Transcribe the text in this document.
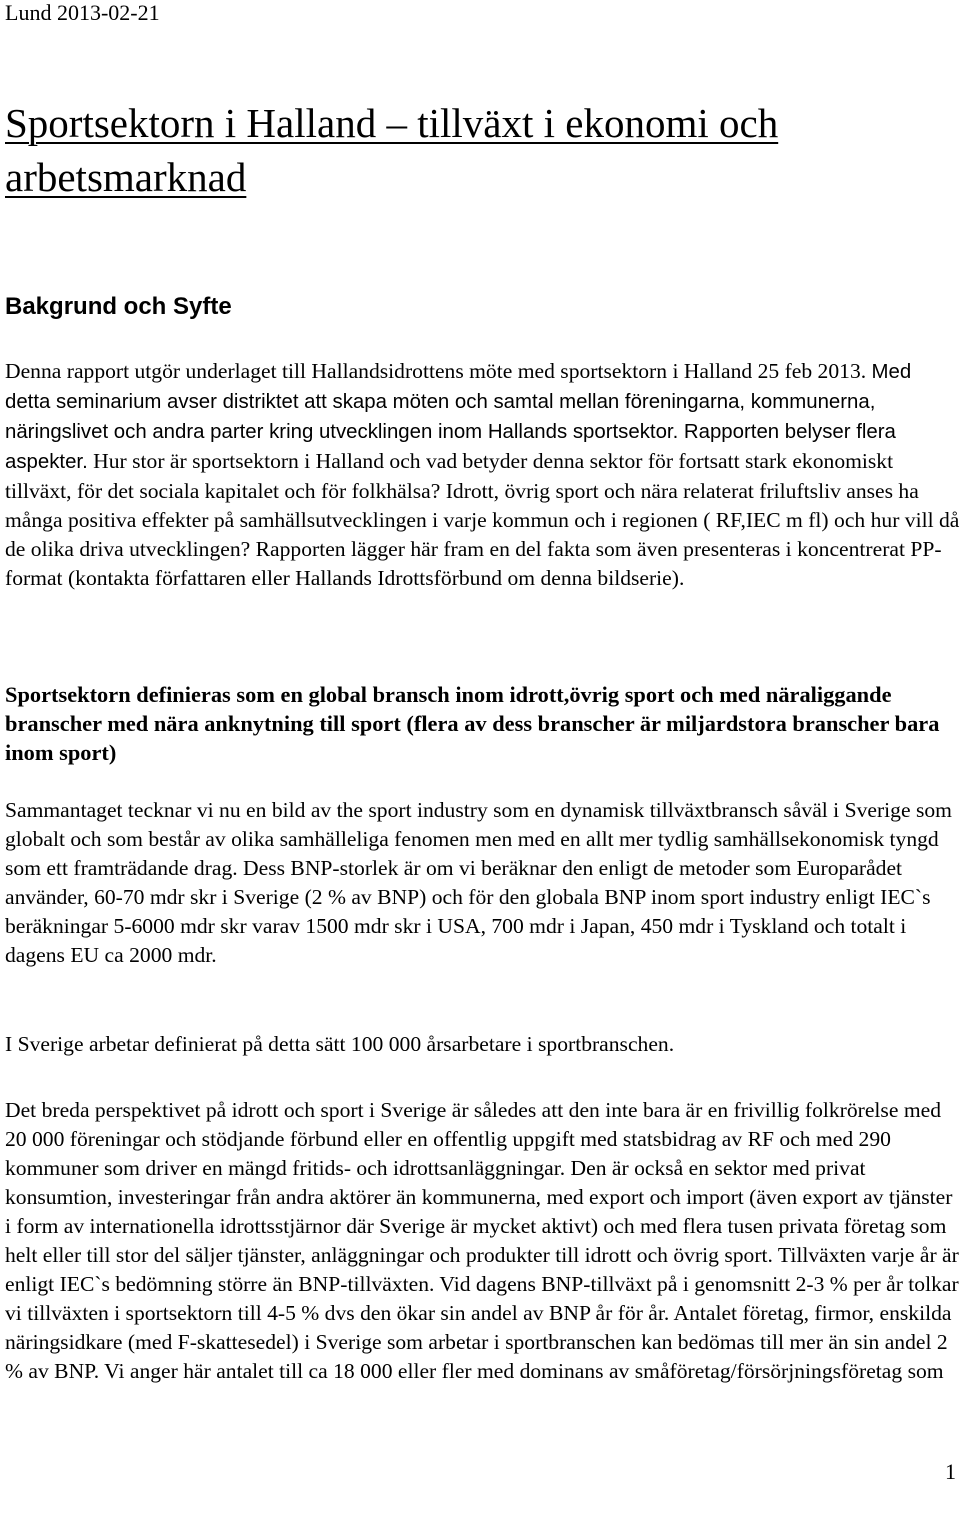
Lund 2013-02-21
Sportsektorn i Halland – tillväxt i ekonomi och arbetsmarknad
Bakgrund och Syfte

Denna rapport utgör underlaget till Hallandsidrottens möte med sportsektorn i Halland 25 feb 2013. Med detta seminarium avser distriktet att skapa möten och samtal mellan föreningarna, kommunerna, näringslivet och andra parter kring utvecklingen inom Hallands sportsektor. Rapporten belyser flera aspekter. Hur stor är sportsektorn i Halland och vad betyder denna sektor för fortsatt stark ekonomiskt tillväxt, för det sociala kapitalet och för folkhälsa? Idrott, övrig sport och nära relaterat friluftsliv anses ha många positiva effekter på samhällsutvecklingen i varje kommun och i regionen ( RF,IEC m fl) och hur vill då de olika driva utvecklingen? Rapporten lägger här fram en del fakta som även presenteras i koncentrerat PP-format (kontakta författaren eller Hallands Idrottsförbund om denna bildserie).

Sportsektorn definieras som en global bransch inom idrott,övrig sport och med näraliggande branscher med nära anknytning till sport (flera av dess branscher är miljardstora branscher bara inom sport)

Sammantaget tecknar vi nu en bild av the sport industry som en dynamisk tillväxtbransch såväl i Sverige som globalt och som består av olika samhälleliga fenomen men med en allt mer tydlig samhällsekonomisk tyngd som ett framträdande drag. Dess BNP-storlek är om vi beräknar den enligt de metoder som Europarådet använder, 60-70 mdr skr i Sverige (2 % av BNP) och för den globala BNP inom sport industry enligt IEC`s beräkningar 5-6000 mdr skr varav 1500 mdr skr i USA, 700 mdr i Japan, 450 mdr i Tyskland och totalt i dagens EU ca 2000 mdr.

I Sverige arbetar definierat på detta sätt 100 000 årsarbetare i sportbranschen.

Det breda perspektivet på idrott och sport i Sverige är således att den inte bara är en frivillig folkrörelse med 20 000 föreningar och stödjande förbund eller en offentlig uppgift med statsbidrag av RF och med 290 kommuner som driver en mängd fritids- och idrottsanläggningar. Den är också en sektor med privat konsumtion, investeringar från andra aktörer än kommunerna, med export och import (även export av tjänster i form av internationella idrottsstjärnor där Sverige är mycket aktivt) och med flera tusen privata företag som helt eller till stor del säljer tjänster, anläggningar och produkter till idrott och övrig sport. Tillväxten varje år är enligt IEC`s bedömning större än BNP-tillväxten. Vid dagens BNP-tillväxt på i genomsnitt 2-3 % per år tolkar vi tillväxten i sportsektorn till 4-5 % dvs den ökar sin andel av BNP år för år. Antalet företag, firmor, enskilda näringsidkare (med F-skattesedel) i Sverige som arbetar i sportbranschen kan bedömas till mer än sin andel 2 % av BNP. Vi anger här antalet till ca 18 000 eller fler med dominans av småföretag/försörjningsföretag som

1
